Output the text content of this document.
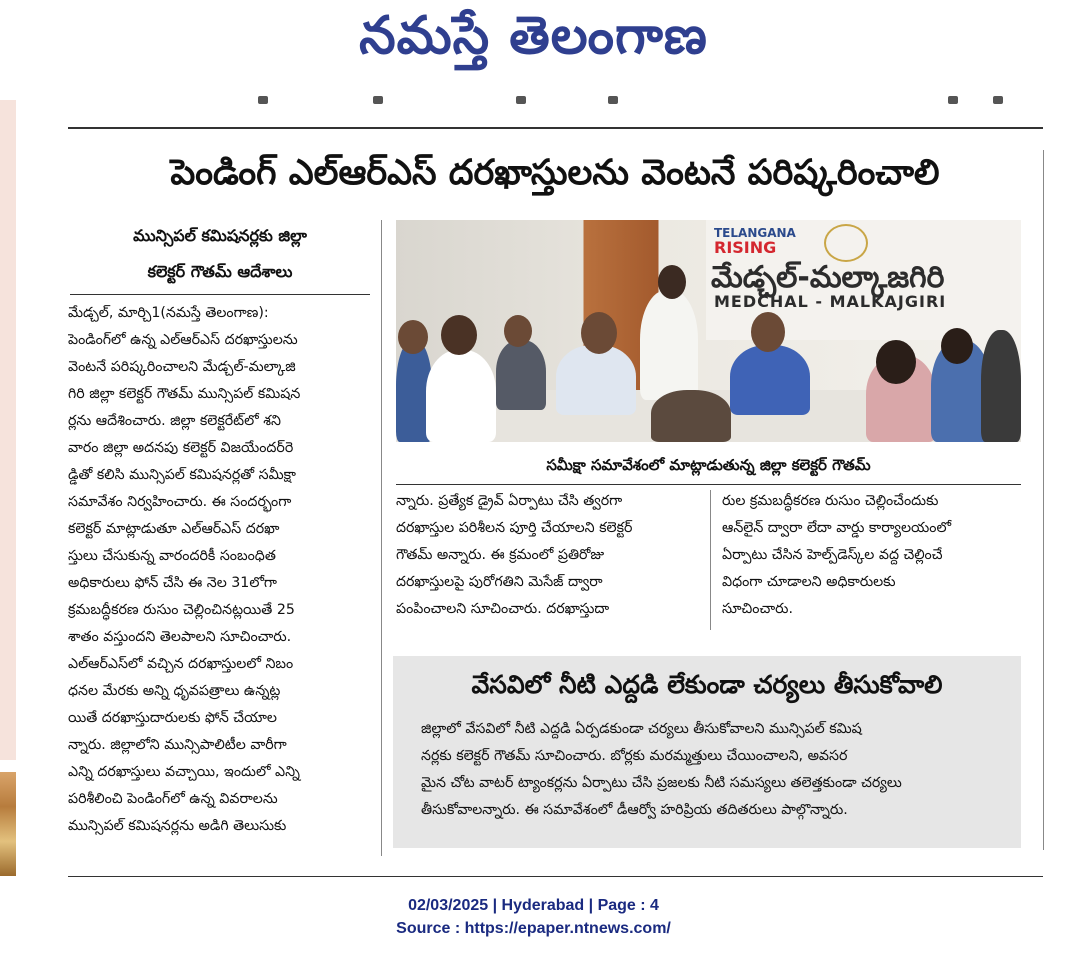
నమస్తే తెలంగాణ
పెండింగ్ ఎల్ఆర్ఎస్ దరఖాస్తులను వెంటనే పరిష్కరించాలి
మున్సిపల్ కమిషనర్లకు జిల్లా
కలెక్టర్ గౌతమ్ ఆదేశాలు
మేడ్చల్, మార్చి1(నమస్తే తెలంగాణ):
పెండింగ్‌లో ఉన్న ఎల్ఆర్ఎస్ దరఖాస్తులను
వెంటనే పరిష్కరించాలని మేడ్చల్-మల్కాజి
గిరి జిల్లా కలెక్టర్ గౌతమ్ మున్సిపల్ కమిషన
ర్లను ఆదేశించారు. జిల్లా కలెక్టరేట్‌లో శని
వారం జిల్లా అదనపు కలెక్టర్ విజయేందర్‌రె
డ్డితో కలిసి మున్సిపల్ కమిషనర్లతో సమీక్షా
సమావేశం నిర్వహించారు. ఈ సందర్భంగా
కలెక్టర్ మాట్లాడుతూ ఎల్ఆర్ఎస్ దరఖా
స్తులు చేసుకున్న వారందరికీ సంబంధిత
అధికారులు ఫోన్ చేసి ఈ నెల 31లోగా
క్రమబద్ధీకరణ రుసుం చెల్లించినట్లయితే 25
శాతం వస్తుందని తెలపాలని సూచించారు.
ఎల్ఆర్ఎస్‌లో వచ్చిన దరఖాస్తులలో నిబం
ధనల మేరకు అన్ని ధృవపత్రాలు ఉన్నట్ల
యితే దరఖాస్తుదారులకు ఫోన్ చేయాల
న్నారు. జిల్లాలోని మున్సిపాలిటీల వారీగా
ఎన్ని దరఖాస్తులు వచ్చాయి, ఇందులో ఎన్ని
పరిశీలించి పెండింగ్‌లో ఉన్న వివరాలను
మున్సిపల్ కమిషనర్లను అడిగి తెలుసుకు
TELANGANA
RISING
మేడ్చల్-మల్కాజగిరి
MEDCHAL - MALKAJGIRI
సమీక్షా సమావేశంలో మాట్లాడుతున్న జిల్లా కలెక్టర్ గౌతమ్
న్నారు. ప్రత్యేక డ్రైవ్ ఏర్పాటు చేసి త్వరగా
దరఖాస్తుల పరిశీలన పూర్తి చేయాలని కలెక్టర్
గౌతమ్ అన్నారు. ఈ క్రమంలో ప్రతిరోజు
దరఖాస్తులపై పురోగతిని మెసేజ్ ద్వారా
పంపించాలని సూచించారు. దరఖాస్తుదా
రుల క్రమబద్ధీకరణ రుసుం చెల్లించేందుకు
ఆన్‌లైన్ ద్వారా లేదా వార్డు కార్యాలయంలో
ఏర్పాటు చేసిన హెల్ప్‌డెస్క్‌ల వద్ద చెల్లించే
విధంగా చూడాలని అధికారులకు
సూచించారు.
వేసవిలో నీటి ఎద్దడి లేకుండా చర్యలు తీసుకోవాలి
జిల్లాలో వేసవిలో నీటి ఎద్దడి ఏర్పడకుండా చర్యలు తీసుకోవాలని మున్సిపల్ కమిష
నర్లకు కలెక్టర్ గౌతమ్ సూచించారు. బోర్లకు మరమ్మత్తులు చేయించాలని, అవసర
మైన చోట వాటర్ ట్యాంకర్లను ఏర్పాటు చేసి ప్రజలకు నీటి సమస్యలు తలెత్తకుండా చర్యలు
తీసుకోవాలన్నారు. ఈ సమావేశంలో డీఆర్వో హరిప్రియ తదితరులు పాల్గొన్నారు.
02/03/2025 | Hyderabad | Page : 4
Source : https://epaper.ntnews.com/
